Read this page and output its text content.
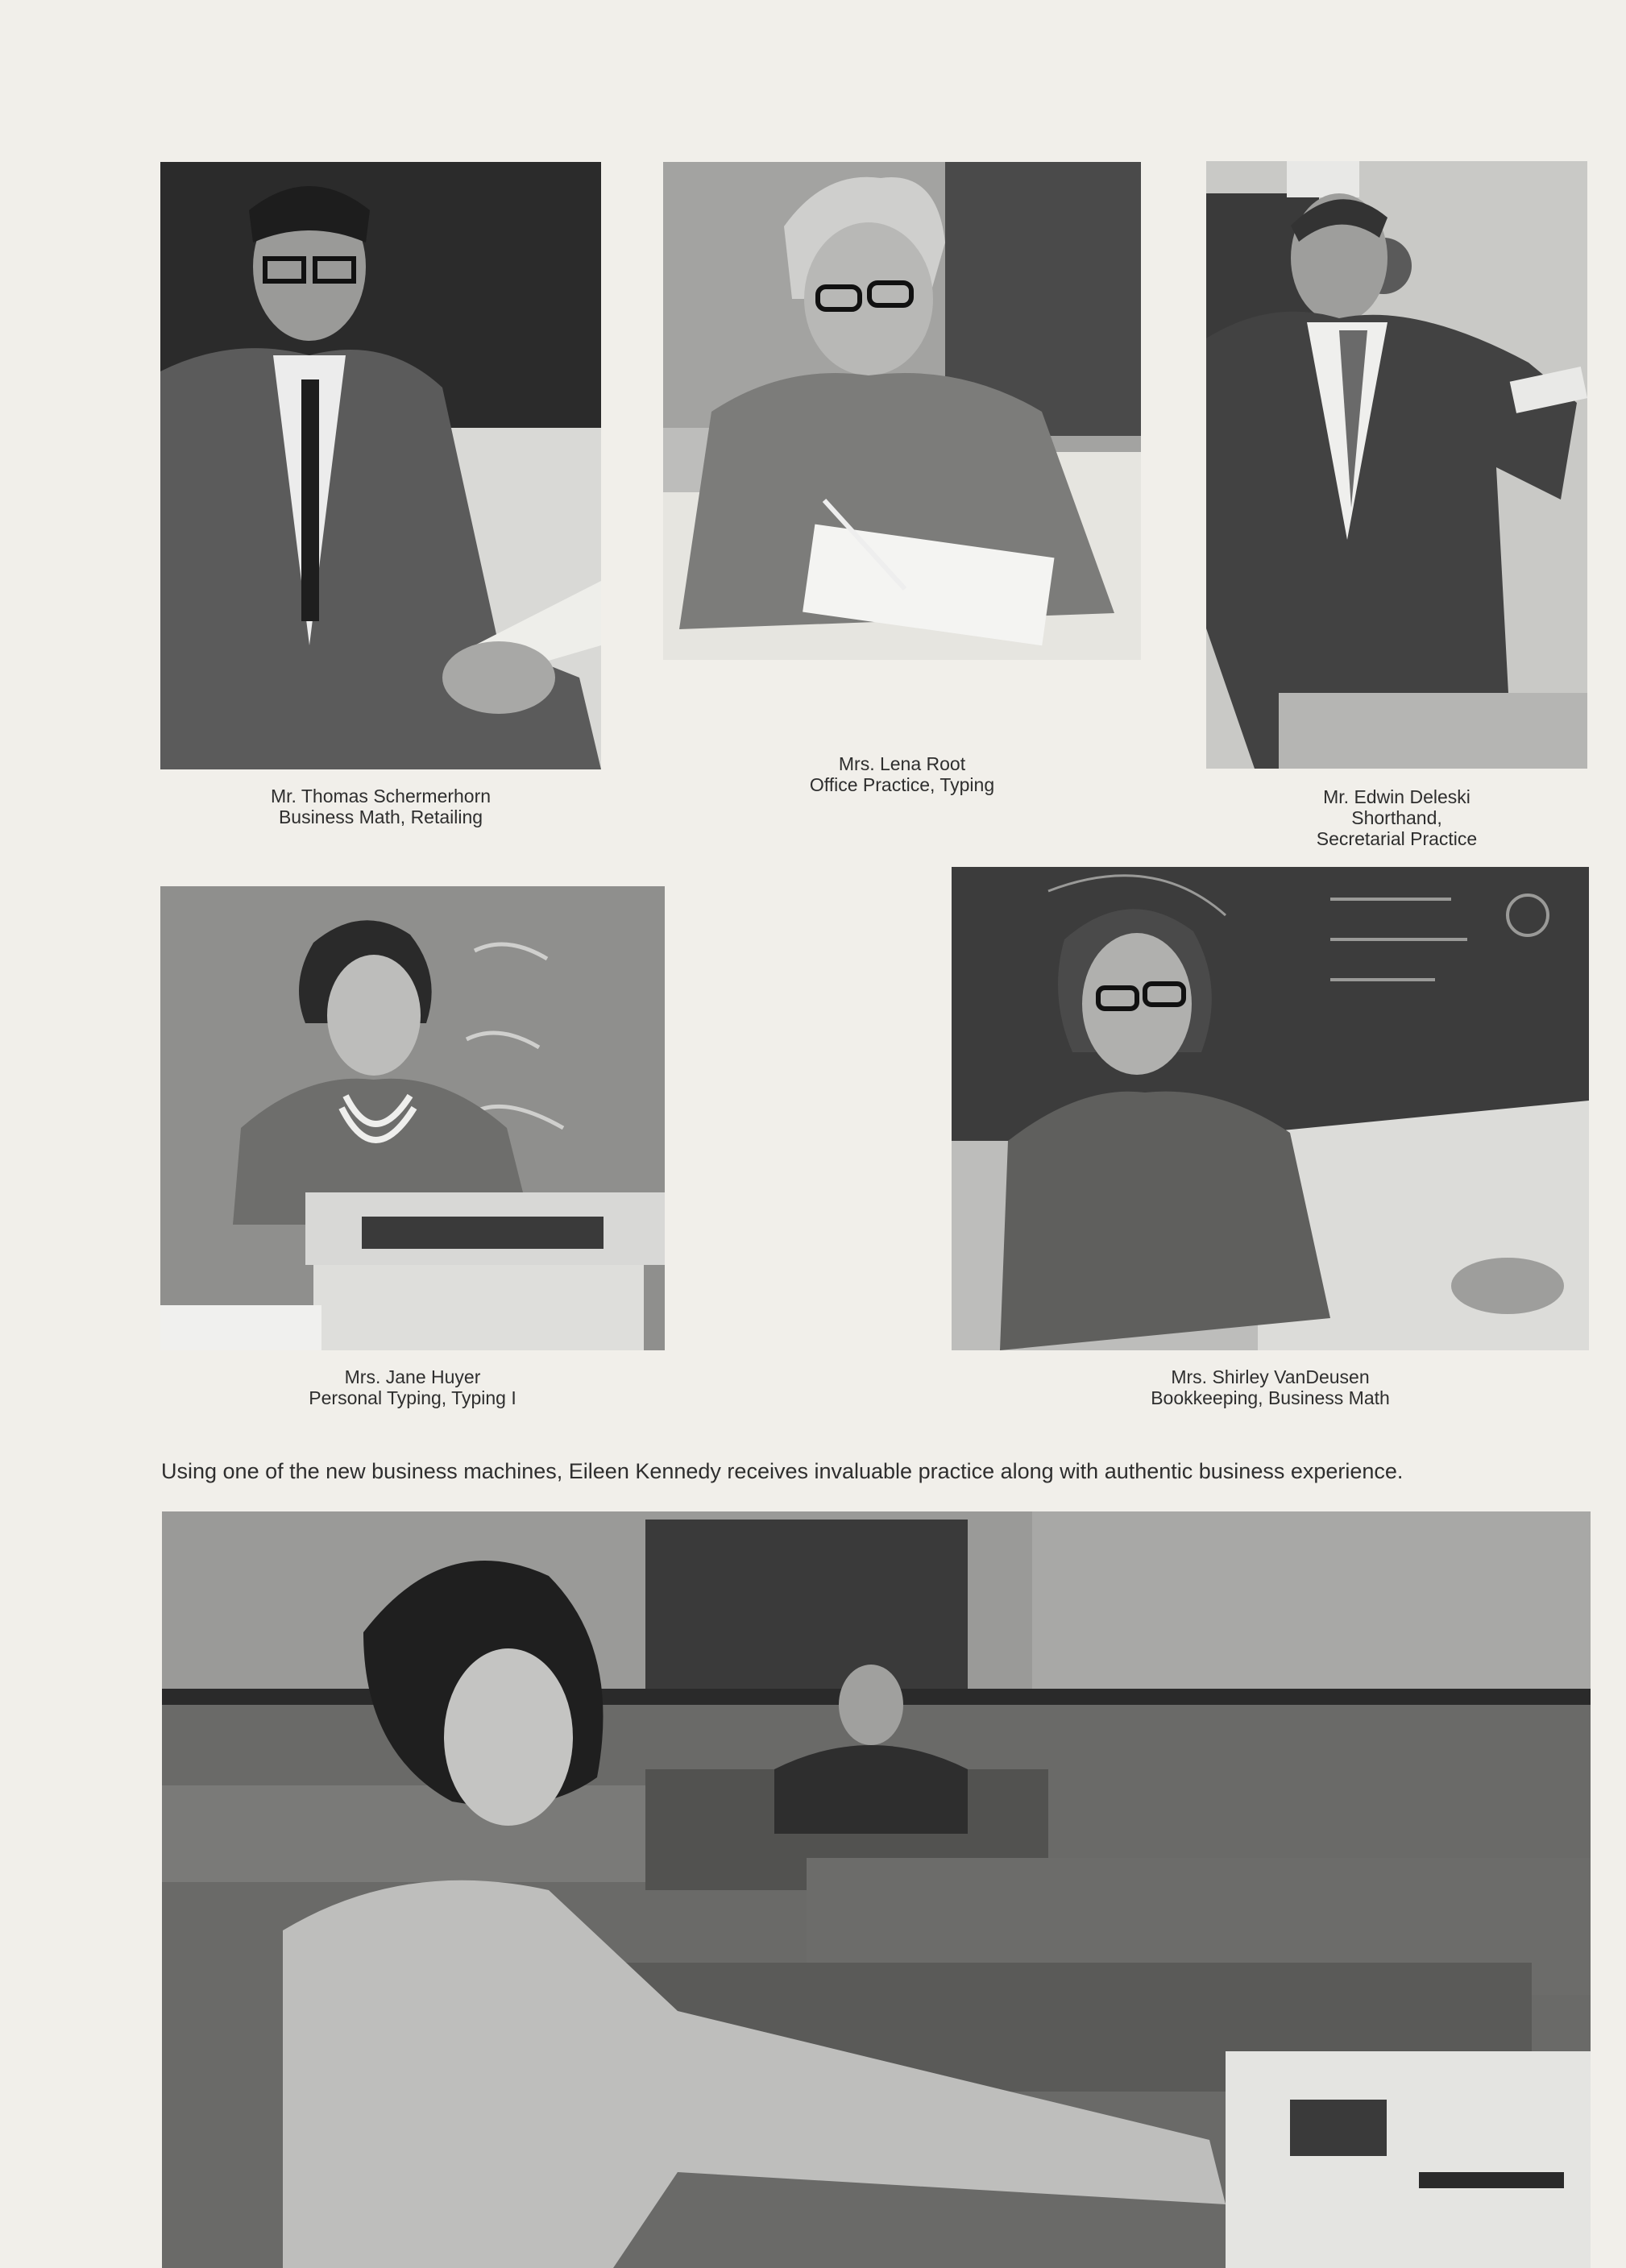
Mr. Thomas Schermerhorn
Business Math, Retailing
Mrs. Lena Root
Office Practice, Typing
Mr. Edwin Deleski
Shorthand,
Secretarial Practice
Mrs. Jane Huyer
Personal Typing, Typing I
Mrs. Shirley VanDeusen
Bookkeeping, Business Math
Using one of the new business machines, Eileen Kennedy receives invaluable practice along with authentic business experience.
